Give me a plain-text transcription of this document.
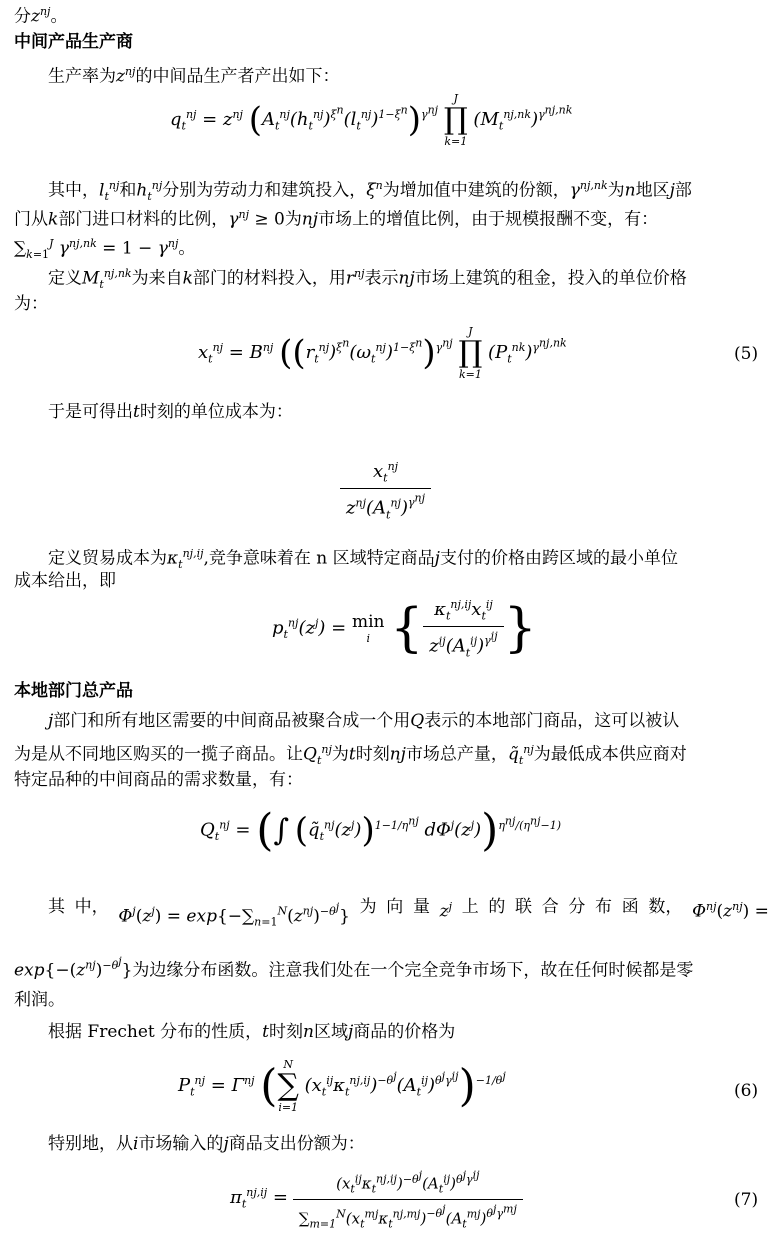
分$z^{nj}$。
中间产品生产商
生产率为$z^{nj}$的中间品生产者产出如下：
$q_t^{nj} = z^{nj}$ $(A_t^{nj}(h_t^{nj})^{\xi^n}(l_t^{nj})^{1-\xi^n})^{\gamma^{nj}}$
J
∏
k=1
$(M_t^{nj,nk})^{\gamma^{nj,nk}}$
其中，$l_t^{nj}$和$h_t^{nj}$分别为劳动力和建筑投入，$\xi^n$为增加值中建筑的份额，$\gamma^{nj,nk}$为n地区j部
门从k部门进口材料的比例，$\gamma^{nj} \ge 0$为nj市场上的增值比例，由于规模报酬不变，有：
$\sum_{k=1}^J$ $\gamma^{nj,nk} = 1 - \gamma^{nj}$。
定义$M_t^{nj,nk}$为来自k部门的材料投入，用$r^{nj}$表示nj市场上建筑的租金，投入的单位价格
为：
$x_t^{nj} = B^{nj}$ $((r_t^{nj})^{\xi^n}(\omega_t^{nj})^{1-\xi^n})^{\gamma^{nj}}$
J
∏
k=1
$(P_t^{nk})^{\gamma^{nj,nk}}$
(5)
于是可得出t时刻的单位成本为：
$\frac{x_t^{nj}}{z^{nj}(A_t^{nj})^{\gamma^{nj}}}$
定义贸易成本为$\kappa_t^{nj,ij}$,竞争意味着在 n 区域特定商品j支付的价格由跨区域的最小单位
成本给出，即
$p_t^{nj}(z^j) = \min$
i { $\frac{\kappa_t^{nj,ij}x_t^{ij}}{z^{ij}(A_t^{ij})^{\gamma^{ij}}}$ }
本地部门总产品
j部门和所有地区需要的中间商品被聚合成一个用Q表示的本地部门商品，这可以被认
为是从不同地区购买的一揽子商品。让$Q_t^{nj}$为t时刻nj市场总产量，$q̃_t^{nj}$为最低成本供应商对
特定品种的中间商品的需求数量，有：
$Q_t^{nj}$ = (∫ $(q̃_t^{nj}(z^j))^{1-1/\eta^{nj}}$ $d\Phi^j(z^j))^{\eta^{nj}/(\eta^{nj}-1)}$
其 中， $\Phi^j(z^j) = \exp\{-\sum_{n=1}^N(z^{nj})^{-\theta^j}\}$ 为 向 量 $z^j$ 上 的 联 合 分 布 函 数， $\Phi^{nj}(z^{nj})$ =
$\exp\{-(z^{nj})^{-\theta^j}\}$为边缘分布函数。注意我们处在一个完全竞争市场下，故在任何时候都是零
利润。
根据 Frechet 分布的性质，t时刻n区域j商品的价格为
$P_t^{nj} = \Gamma^{nj}$ ( N
∑
i=1
$(x_t^{ij}\kappa_t^{nj,ij})^{-\theta^j}(A_t^{ij})^{\theta^j\gamma^{ij}})^{-1/\theta^j}$
(6)
特别地，从i市场输入的j商品支出份额为：
$\pi_t^{nj,ij} = \frac{(x_t^{ij}\kappa_t^{nj,ij})^{-\theta^j}(A_t^{ij})^{\theta^j\gamma^{ij}}}{\sum_{m=1}^N(x_t^{mj}\kappa_t^{nj,mj})^{-\theta^j}(A_t^{mj})^{\theta^j\gamma^{mj}}}$	(7)
